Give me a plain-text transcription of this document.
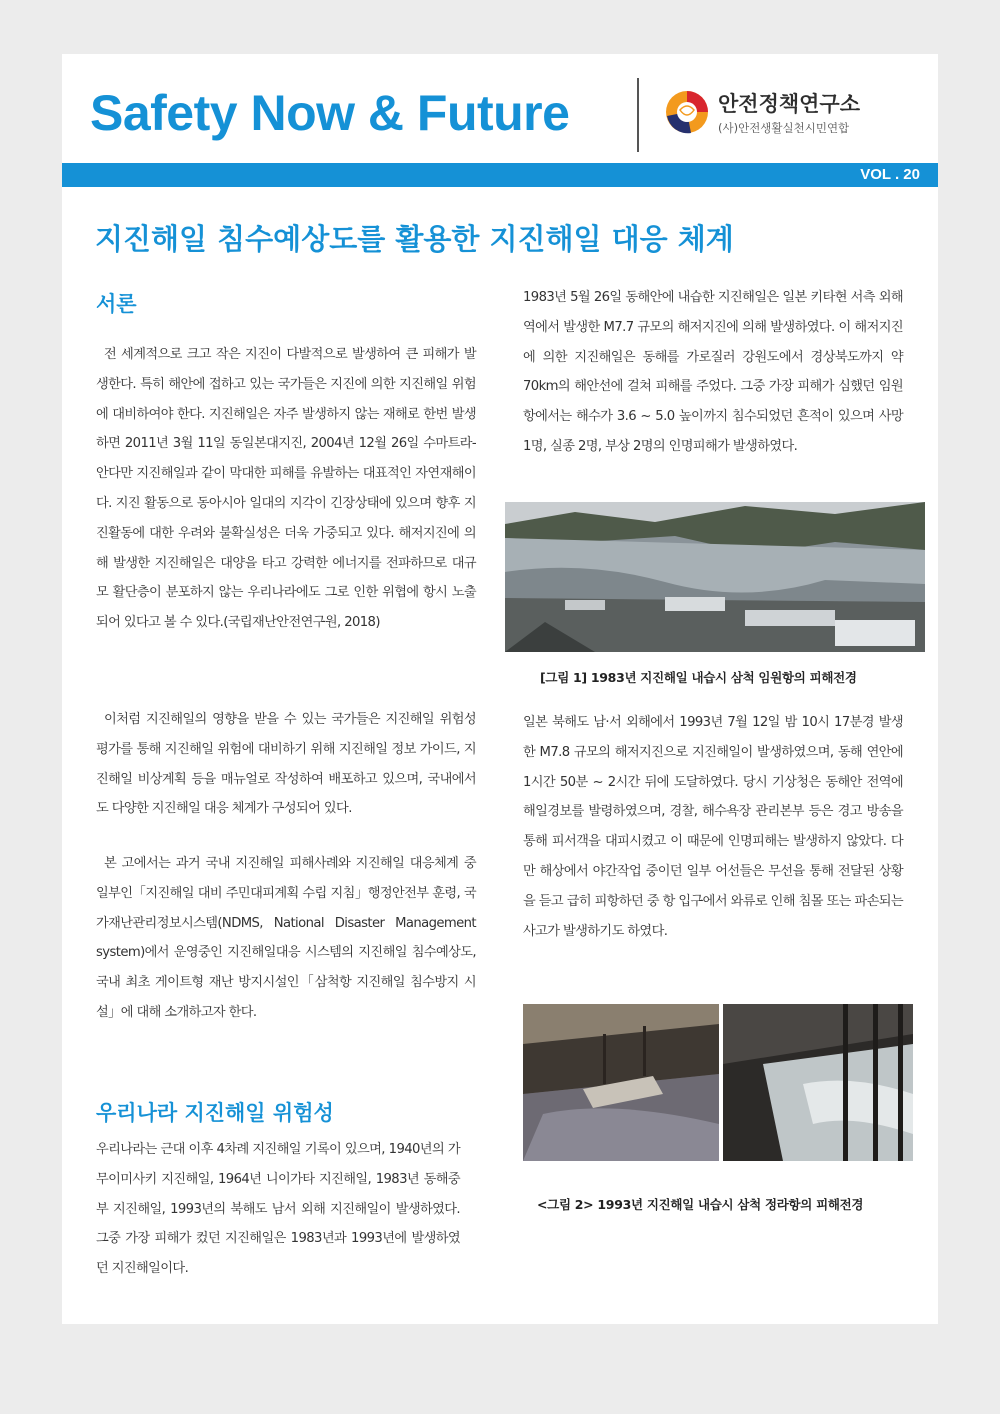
Safety Now & Future	안전정책연구소
(사)안전생활실천시민연합
VOL . 20
지진해일 침수예상도를 활용한 지진해일 대응 체계
서론

전 세계적으로 크고 작은 지진이 다발적으로 발생하여 큰 피해가 발생한다. 특히 해안에 접하고 있는 국가들은 지진에 의한 지진해일 위험에 대비하여야 한다. 지진해일은 자주 발생하지 않는 재해로 한번 발생하면 2011년 3월 11일 동일본대지진, 2004년 12월 26일 수마트라-안다만 지진해일과 같이 막대한 피해를 유발하는 대표적인 자연재해이다. 지진 활동으로 동아시아 일대의 지각이 긴장상태에 있으며 향후 지진활동에 대한 우려와 불확실성은 더욱 가중되고 있다. 해저지진에 의해 발생한 지진해일은 대양을 타고 강력한 에너지를 전파하므로 대규모 활단층이 분포하지 않는 우리나라에도 그로 인한 위협에 항시 노출되어 있다고 볼 수 있다.(국립재난안전연구원, 2018)

이처럼 지진해일의 영향을 받을 수 있는 국가들은 지진해일 위험성 평가를 통해 지진해일 위험에 대비하기 위해 지진해일 정보 가이드, 지진해일 비상계획 등을 매뉴얼로 작성하여 배포하고 있으며, 국내에서도 다양한 지진해일 대응 체계가 구성되어 있다.

본 고에서는 과거 국내 지진해일 피해사례와 지진해일 대응체계 중 일부인「지진해일 대비 주민대피계획 수립 지침」행정안전부 훈령, 국가재난관리정보시스템(NDMS, National Disaster Management system)에서 운영중인 지진해일대응 시스템의 지진해일 침수예상도, 국내 최초 게이트형 재난 방지시설인「삼척항 지진해일 침수방지 시설」에 대해 소개하고자 한다.

우리나라 지진해일 위험성

우리나라는 근대 이후 4차례 지진해일 기록이 있으며, 1940년의 가무이미사키 지진해일, 1964년 니이가타 지진해일, 1983년 동해중부 지진해일, 1993년의 북해도 남서 외해 지진해일이 발생하였다. 그중 가장 피해가 컸던 지진해일은 1983년과 1993년에 발생하였던 지진해일이다.

1983년 5월 26일 동해안에 내습한 지진해일은 일본 키타현 서측 외해역에서 발생한 M7.7 규모의 해저지진에 의해 발생하였다. 이 해저지진에 의한 지진해일은 동해를 가로질러 강원도에서 경상북도까지 약 70km의 해안선에 걸쳐 피해를 주었다. 그중 가장 피해가 심했던 임원항에서는 해수가 3.6 ~ 5.0 높이까지 침수되었던 흔적이 있으며 사망 1명, 실종 2명, 부상 2명의 인명피해가 발생하였다.

[그림 1] 1983년 지진해일 내습시 삼척 임원항의 피해전경

일본 북해도 남·서 외해에서 1993년 7월 12일 밤 10시 17분경 발생한 M7.8 규모의 해저지진으로 지진해일이 발생하였으며, 동해 연안에 1시간 50분 ~ 2시간 뒤에 도달하였다. 당시 기상청은 동해안 전역에 해일경보를 발령하였으며, 경찰, 해수욕장 관리본부 등은 경고 방송을 통해 피서객을 대피시켰고 이 때문에 인명피해는 발생하지 않았다. 다만 해상에서 야간작업 중이던 일부 어선들은 무선을 통해 전달된 상황을 듣고 급히 피항하던 중 항 입구에서 와류로 인해 침몰 또는 파손되는 사고가 발생하기도 하였다.

<그림 2> 1993년 지진해일 내습시 삼척 정라항의 피해전경
